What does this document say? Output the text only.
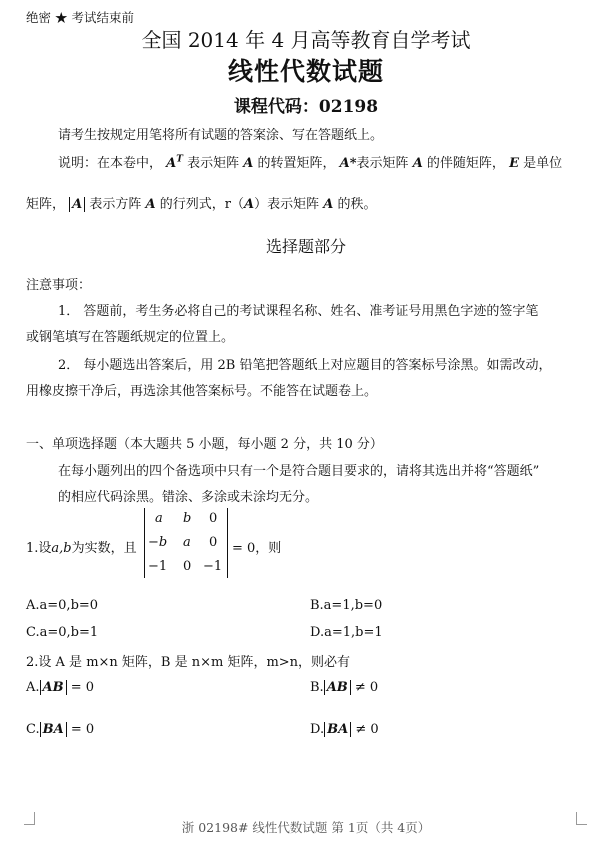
绝密 ★ 考试结束前
全国 2014 年 4 月高等教育自学考试
线性代数试题
课程代码：02198
请考生按规定用笔将所有试题的答案涂、写在答题纸上。
说明：在本卷中， $A^T$ 表示矩阵 A 的转置矩阵， A*表示矩阵 A 的伴随矩阵， E 是单位
矩阵， A 表示方阵 A 的行列式，r（A）表示矩阵 A 的秩。
选择题部分
注意事项：
1． 答题前，考生务必将自己的考试课程名称、姓名、准考证号用黑色字迹的签字笔
或钢笔填写在答题纸规定的位置上。
2． 每小题选出答案后，用 2B 铅笔把答题纸上对应题目的答案标号涂黑。如需改动，
用橡皮擦干净后，再选涂其他答案标号。不能答在试题卷上。
一、单项选择题（本大题共 5 小题，每小题 2 分，共 10 分）
在每小题列出的四个备选项中只有一个是符合题目要求的，请将其选出并将“答题纸”
的相应代码涂黑。错涂、多涂或未涂均无分。
1.设a,b为实数，且
a b 0
−b a 0
−1 0 −1
= 0，则
A.a=0,b=0	B.a=1,b=0
C.a=0,b=1	D.a=1,b=1
2.设 A 是 m×n 矩阵，B 是 n×m 矩阵，m>n，则必有
A. AB = 0	B. AB ≠ 0
C. BA = 0	D. BA ≠ 0
浙 02198# 线性代数试题 第 1页（共 4页）
